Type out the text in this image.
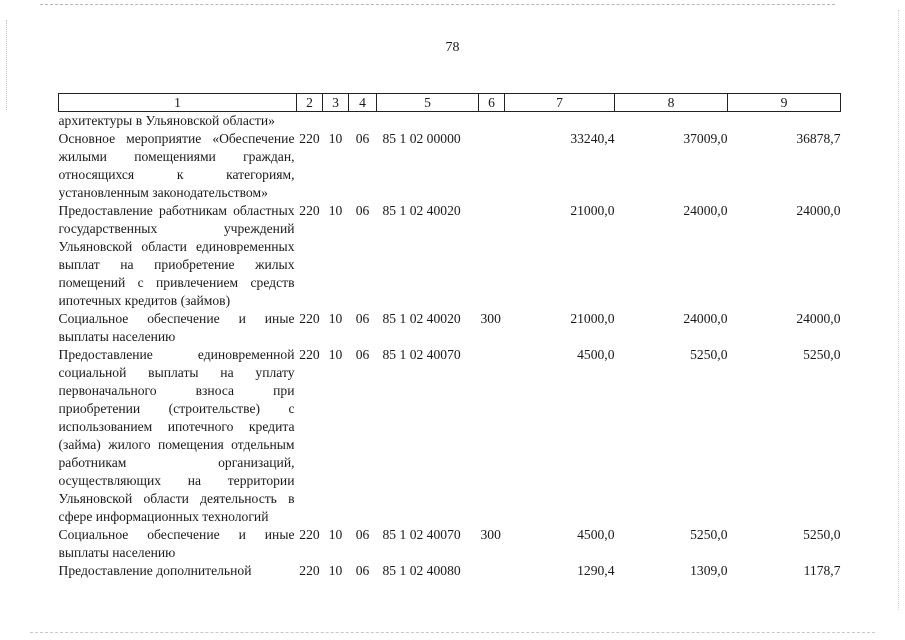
78
1	2	3	4	5	6	7	8	9
архитектуры в Ульяновской области»								
Основное мероприятие «Обеспечение жилыми помещениями граждан, относящихся к категориям, установленным законодательством»	220	10	06	85 1 02 00000		33240,4	37009,0	36878,7
Предоставление работникам областных государственных учреждений Ульяновской области единовременных выплат на приобретение жилых помещений с привлечением средств ипотечных кредитов (займов)	220	10	06	85 1 02 40020		21000,0	24000,0	24000,0
Социальное обеспечение и иные выплаты населению	220	10	06	85 1 02 40020	300	21000,0	24000,0	24000,0
Предоставление единовременной социальной выплаты на уплату первоначального взноса при приобретении (строительстве) с использованием ипотечного кредита (займа) жилого помещения отдельным работникам организаций, осуществляющих на территории Ульяновской области деятельность в сфере информационных технологий	220	10	06	85 1 02 40070		4500,0	5250,0	5250,0
Социальное обеспечение и иные выплаты населению	220	10	06	85 1 02 40070	300	4500,0	5250,0	5250,0
Предоставление дополнительной	220	10	06	85 1 02 40080		1290,4	1309,0	1178,7
